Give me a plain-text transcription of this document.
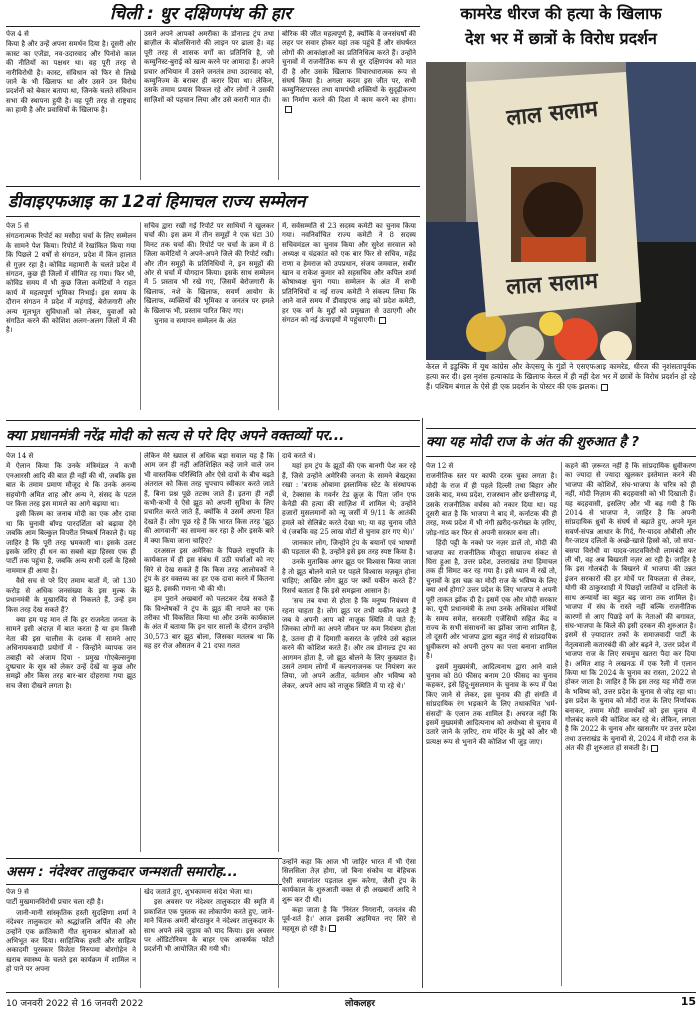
चिली : धुर दक्षिणपंथ की हार

पेज 4 से

किया है और उन्हें अपना समर्थन दिया है। दूसरी ओर कास्ट का एजेंडा, नव-उदारवाद और पिनोशे काल की नीतियों का पक्षधर था। वह पूरी तरह से नारीविरोधी है। कास्ट, संविधान को फिर से लिखे जाने के भी खिलाफ था और उसने उन विरोध प्रदर्शनों को बेकार बताया था, जिनके चलते संविधान सभा की स्थापना हुयी है। वह पूरी तरह से राष्ट्रवाद का हामी है और प्रवासियों के खिलाफ है।

उसने अपने आपको अमरीका के डोनाल्ड ट्रंप तथा ब्राज़ील के बोलसिनारो की लाइन पर ढाला है। वह पूरी तरह से शासक वर्गों का प्रतिनिधि है, जो कम्युनिस्ट-बुराई को खत्म करने पर आमादा हैं। अपने प्रचार अभियान में उसने जनतंत्र तथा उदारवाद को, कम्युनिज्म के बराबर ही करार दिया था। लेकिन, उसके तमाम प्रयास विफल रहे और लोगों ने उसकी साज़िशों को पहचान लिया और उसे करारी मात दी।

बोरिक की जीत महत्वपूर्ण है, क्योंकि वे जनसंघर्षों की लहर पर सवार होकर यहां तक पहुंचे हैं और संघर्षरत लोगों की आकांक्षाओं का प्रतिनिधित्व करते हैं। उन्होंने चुनावों में राजनीतिक रूप से धुर दक्षिणपंथ को मात दी है और उसके खिलाफ विचारधारात्मक रूप से संघर्ष किया है। अगला कदम इस जीत पर, सभी कम्युनिस्टपरस्त तथा वामपंथी शक्तियों के सुदृढ़ीकरण का निर्माण करने की दिशा में काम करने का होगा।

डीवाइएफआइ का 12वां हिमाचल राज्य सम्मेलन

पेज 5 से

संगठनात्मक रिपोर्ट का मसौदा चर्चा के लिए सम्मेलन के सामने पेश किया। रिपोर्ट में रेखांकित किया गया कि पिछले 2 वर्षों से संगठन, प्रदेश में किन हालात से गुज़र रहा है। कोविड महामारी के चलते प्रदेश में संगठन, कुछ ही जिलों में सीमित रह गया। फिर भी, कोविड समय में भी कुछ जिला कमेटियों ने राहत कार्य में महत्वपूर्ण भूमिका निभाई। इस समय के दौरान संगठन ने प्रदेश में महंगाई, बेरोजगारी और अन्य मूलभूत सुविधाओं को लेकर, युवाओं को संगठित करने की कोशिश अलग-अलग जिलों में की है।

सचिव द्वारा रखी गई रिपोर्ट पर साथियों ने खुलकर चर्चा की। इस क्रम में तीन समूहों ने एक घंटा 30 मिनट तक चर्चा की। रिपोर्ट पर चर्चा के क्रम में 8 जिला कमेटियों ने अपने-अपने जिले की रिपोर्ट रखी। और तीन समूहों के प्रतिनिधियों ने, इन समूहों की ओर से चर्चा में योगदान किया। इसके साथ सम्मेलन में 5 प्रस्ताव भी रखे गए, जिसमें बेरोजगारी के खिलाफ, नशे के खिलाफ, सवर्ण आयोग के खिलाफ, व्यक्तियों की भूमिका व जनतंत्र पर हमले के खिलाफ भी, प्रस्ताव पारित किए गए।

चुनाव व समापन सम्मेलन के अंत

में, सर्वसम्मति से 23 सदस्य कमेटी का चुनाव किया गया। नवनिर्वाचित राज्य कमेटी ने 8 सदस्य सचिवमंडल का चुनाव किया और सुरेश सरवाल को अध्यक्ष व चंद्रकांत को एक बार फिर से सचिव, महेंद्र राणा व हेमराज को उपप्रधान, संजय जमवाल, सबीर खान व राकेश कुमार को सहसचिव और कपिल शर्मा कोषाध्यक्ष चुना गया। सम्मेलन के अंत में सभी प्रतिनिधियों व नई राज्य कमेटी ने संकल्प लिया कि आने वाले समय में डीवाइएफ आइ को प्रदेश कमेटी, हर एक वर्ग के मुद्दों को प्रमुखता से उठाएगी और संगठन को नई ऊंचाइयों में पहुंचाएगी।

कामरेड धीरज की हत्या के खिलाफ
देश भर में छात्रों के विरोध प्रदर्शन
लाल सलाम
लाल सलाम
केरल में इडुक्कि में यूथ कांग्रेस और केएसयू के गुंडों ने एसएफआइ कामरेड, धीरज की नृशंसतापूर्वक हत्या कर दी। इस नृशंस हत्याकांड के खिलाफ केरल में ही नहीं देश भर में छात्रों के विरोध प्रदर्शन हो रहे हैं। पश्चिम बंगाल के ऐसे ही एक प्रदर्शन के पोस्टर की एक झलक।
क्या प्रधानमंत्री नरेंद्र मोदी को सत्य से परे दिए अपने वक्तव्यों पर...

पेज 14 से

में ऐलान किया कि उनके मंत्रिमंडल ने कभी एनआरसी आदि की बात ही नहीं की थी, जबकि इस बात के तमाम प्रमाण मौजूद थे कि उनके अनन्य सहयोगी अमित शाह और अन्य ने, संसद के पटल पर किस तरह इस मामले का आगे बढ़ाया था।

इसी किस्म का जनाब मोदी का एक और दावा था कि चुनावी बॉण्ड पारदर्शिता को बढ़ावा देंगे जबकि आम बिल्कुल विपरीत निष्कर्ष निकाले हैं। यह जाहिर है कि पूरी तरह भ्रमकारी था। इसके उलट इसके जरिए ही धन का सबसे बड़ा हिस्सा एक ही पार्टी तक पहुंचा है, जबकि अन्य सभी दलों के हिस्से नाममात्र ही आया है।

वैसे सच से परे दिए तमाम बातों में, जो 130 करोड़ से अधिक जनसंख्या के इस मुल्क के प्रधानमंत्री के मुखारविंद से निकलते हैं, उन्हें हम किस तरह देख सकते हैं?

क्या हम यह मान लें कि हर राजनेता जनता के सामने इसी अंदाज़ में बात करता है या हम किसी नेता की इस चालीस के दशक में सामने आए अधिनायकवादी प्रयोगों में - जिन्होंने व्यापक जन तबाही को अंजाम दिया - प्रमुख गोएबेल्सनुमा दुष्प्रचार के सूत्र को लेकर उन्हें देखें या कुछ और समझें और किस तरह बार-बार दोहराया गया झूठ सच जैसा दीखने लगता है।

लेकिन मेरे ख्याल से अधिक बड़ा सवाल यह है कि आम जन ही नहीं अतिशिक्षित कहे जाने वाले जन भी वास्तविक परिस्थिति और ऐसे दावों के बीच बढ़ते अंतराल को किस तरह चुपचाप स्वीकार करते जाते हैं, बिना प्रश्न पूछे तटस्थ जाते हैं। इतना ही नहीं कभी-कभी वे ऐसे झूठ को अपनी सुविधा के लिए प्रचारित करते जाते हैं, क्योंकि वे उसमें अपना हित देखते हैं। लोग पूछ रहे हैं कि भारत किस तरह 'झूठ की आगवानी' का सामना कर रहा है और इसके बारे में क्या किया जाना चाहिए?

दरअसल इस अमेरिका के पिछले राष्ट्रपति के कार्यकाल में ही इस संबंध में उठी चर्चाओं को नए सिरे से देख सकते हैं कि किस तरह आलोचकों ने ट्रंप के हर वक्तव्य का हर एक दावा करने में कितना झूठ है, इसकी गणना भी की थी।

हम पुराने अखबारों को पलटकर देख सकते हैं कि विश्लेषकों ने ट्रंप के झूठ की नापने का एक तरीका भी विकसित किया था और उनके कार्यकाल के अंत में बताया कि इन चार सालों के दौरान उन्होंने 30,573 बार झूठ बोला, जिसका मतलब था कि वह हर रोज औसतन वे 21 दफा गलत

दावे करते थे।

यहां हम ट्रंप के झूठों की एक बानगी पेश कर रहे हैं, जिसे उन्होंने अमेरिकी जनता के सामने बेखट्का रखा : 'बराक ओबामा इस्लामिक स्टेट के संस्थापक थे, टेक्सास के गवर्नर टेड क्रूज़ के पिता जॉन एफ केनेडी की हत्या की साज़िश में शामिल थे; उन्होंने हजारों मुसलमानों को न्यू जर्सी में 9/11 के आतंकी हमले को सेलिब्रेट करते देखा था; या वह चुनाव जीते थे (जबकि वह 25 लाख वोटों से चुनाव हार गए थे)।'

जानकार लोग, जिन्होंने ट्रंप के बयानों एवं भाषणों की पड़ताल की है, उन्होंने इसे इस तरह स्पष्ट किया है।

उनके मुताबिक अगर झूठ पर विश्वास किया जाता है तो झूठ बोलने वाले पर पहले विश्वास मज़बूत होना चाहिए; आखिर लोग झूठ पर क्यों यकीन करते हैं? रिसर्च बताता है कि इसे समझना आसान है।

'सच तब यथा से होता है कि मनुष्य नियंत्रण में रहना चाहता है। लोग झूठ पर तभी यकीन करते हैं जब वे अपनी आप को नाज़ुक स्थिति में पाते हैं; जिनका लोगों का अपने जीवन पर कम नियंत्रण होता है, उतना ही वे दिमाग़ी कसरत के ज़रिये उसे बहाल करने की कोशिश करते हैं। और तब डोनाल्ड ट्रंप का आगमन होता है, जो झूठ बोलने के लिए कुख्यात है। उसने तमाम लोगों में कल्पनाजनक पर नियंत्रण कर लिया, जो अपने अतीत, वर्तमान और भविष्य को लेकर, अपने आप को नाज़ुक स्थिति में पा रहे थे।'

क्या यह मोदी राज के अंत की शुरुआत है ?

पेज 12 से

राजनीतिक स्तर पर काफी दरक चुका लगता है। मोदी के राज में ही पहले दिल्ली तथा बिहार और उसके बाद, मध्य प्रदेश, राजस्थान और छत्तीसगढ़ में, उसके राजनीतिक वर्चस्व को नकार दिया था। यह दूसरी बात है कि भाजपा ने बाद में, कर्नाटक की ही तरह, मध्य प्रदेश में भी नंगी ख़रीद-फ़रोख्त के ज़रिए, जोड़-गांठ कर फिर से अपनी सरकार बना ली।

हिंदी पट्टी के नक्शे पर नज़र डालें तो, मोदी की भाजपा का राजनीतिक मौजूदा साम्राज्य संकट से घिरा हुआ है, उत्तर प्रदेश, उत्तराखंड तथा हिमाचल तक ही सिमट कर रह गया है। इसे ध्यान में रखें तो, चुनावों के इस चक्र का मोदी राज के भविष्य के लिए क्या अर्थ होगा? उत्तर प्रदेश के लिए भाजपा ने अपनी पूरी ताकत झोंक दी है। इसमें एक और मोदी सरकार का, यूपी प्रधानमंत्री के तथा उनके अधिकांश मंत्रियों के समय समेत, सरकारी एजेंसियों सहित केंद्र व राज्य के सभी संसाधनों का झोंका जाना शामिल है, तो दूसरी ओर भाजपा द्वारा बहुत नंगई से सांप्रदायिक ध्रुवीकरण को अपनी तुरुप का पत्ता बनाना शामिल है।

इसमें मुख्यमंत्री, आदित्यनाथ द्वारा आने वाले चुनाव को 80 फीसद बनाम 20 फीसद का चुनाव कहकर, इसे हिंदू-मुसलमान के चुनाव के रूप में पेश किए जाने से लेकर, इस चुनाव की ही संगति में सांप्रदायिक रंग भड़काने के लिए तथाकथित 'धर्म-संसदों' के एलान तक शामिल हैं। अचरज नहीं कि इसमें मुख्यमंत्री आदित्यनाथ को अयोध्या से चुनाव में उतारे जाने के ज़रिए, राम मंदिर के मुद्दे को और भी प्रत्यक्ष रूप से भुनाने की कोशिश भी जुड़ जाए।

कहने की ज़रूरत नहीं है कि सांप्रदायिक ध्रुवीकरण का ज्यादा से ज्यादा खुलकर इस्तेमाल करने की भाजपा की कोशिशें, संघ-भाजपा के चरित्र को ही नहीं, मोदी निज़ाम की बदहवासी को भी दिखाती हैं। यह बदहवासी, इसलिए और भी बढ़ गयी है कि 2014 से भाजपा ने, जाहिर है कि अपनी सांप्रदायिक ध्रुवों के संघर्ष से बढ़ाते हुए, अपने मूल सवर्ण-संपन्न आधार के गिर्द, गैर-यादव ओबीसी और गैर-जाटव दलितों के अच्छे-खासे हिस्से को, जो सपा-बसपा विरोधी या यादव-जाटवविरोधी लामबंदी कर ली थी, वह अब बिखरती नज़र आ रही है। जाहिर है कि इस गोलबंदी के बिखरने में भाजपा की उन्नत इंजन सरकारों की हर मोर्चे पर विफलता से लेकर, योगी की ठाकुरशाही में पिछड़ों जातियों व दलितों के साथ अन्यायों का बहुत बढ़ जाना तक शामिल है। भाजपा में संघ के रास्ते नहीं बल्कि राजनीतिक कारणों से आए पिछड़े वर्ग के नेताओं की बगावत, संघ-भाजपा के किले की इसी दरकन की शुरुआत है। इसमें से ज़्यादातर तकों के समाजवादी पार्टी के नेतृत्ववाली कतारबंदी की ओर बढ़ने ने, उत्तर प्रदेश में भाजपा राज के लिए सचमुच खतरा पैदा कर दिया है। अमित शाह ने लखनऊ में एक रैली में एलान किया था कि 2024 के चुनाव का रास्ता, 2022 से होकर जाता है। जाहिर है कि इस तरह यह मोदी राज के भविष्य को, उत्तर प्रदेश के चुनाव से जोड़ रहा था। इस प्रदेश के चुनाव को मोदी राज के लिए निर्णायक बनाकर, तमाम मोदी समर्थकों को इस चुनाव में गोलबंद करने की कोशिश कर रहे थे। लेकिन, लगता है कि 2022 के चुनाव और खासतौर पर उत्तर प्रदेश तथा उत्तराखंड के चुनावों से, 2024 में मोदी राज के अंत की ही शुरुआत हो सकती है।

असम : नंदेश्वर तालुकदार जन्मशती समारोह...

पेज 9 से

पार्टी मुखमानविरोधी प्रचार चला रही है।

जानी-मानी सांस्कृतिक हस्ती सुदक्षिणा शर्मा ने नंदेश्वर तालुकदार को श्रद्धांजलि अर्पित की और उन्होंने एक क्रांतिकारी गीत सुनाकर श्रोताओं को अभिभूत कर दिया। साहित्यिक हस्ती और साहित्य अकादमी पुरस्कार विजेता निरुपमा बोरगोहेन ने खराब स्वास्थ्य के चलते इस कार्यक्रम में शामिल न हो पाने पर अपना

खेद जताते हुए, शुभकामना संदेश भेजा था।

इस अवसर पर नंदेश्वर तालुकदार की स्मृति में प्रकाशित एक पुस्तक का लोकार्पण करते हुए, जाने-माने चिंतक अमरी बोरठाकुर ने नंदेश्वर तालुकदार के साथ अपने लंबे जुड़ाव को याद किया। इस अवसर पर ऑडिटोरियम के बाहर एक आकर्षक फोटो प्रदर्शनी भी आयोजित की गयी थी।

उन्होंने कहा कि आज भी जाहिर भारत में भी ऐसा सिलसिला तेज़ होगा, जो बिना संकोच या बेहिचक ऐसी समानांतर पड़ताल शुरू करेगा, जैसी ट्रंप के कार्यकाल के शुरुआती वक्त से ही अखबारों आदि ने शुरू कर दी थी।

कहा जाता है कि 'निरंतर निगरानी, जनतंत्र की पूर्व-शर्त है।' आज इसकी अहमियत नए सिरे से महसूस हो रही है।

10 जनवरी 2022 से 16 जनवरी 2022	लोकलहर	15
